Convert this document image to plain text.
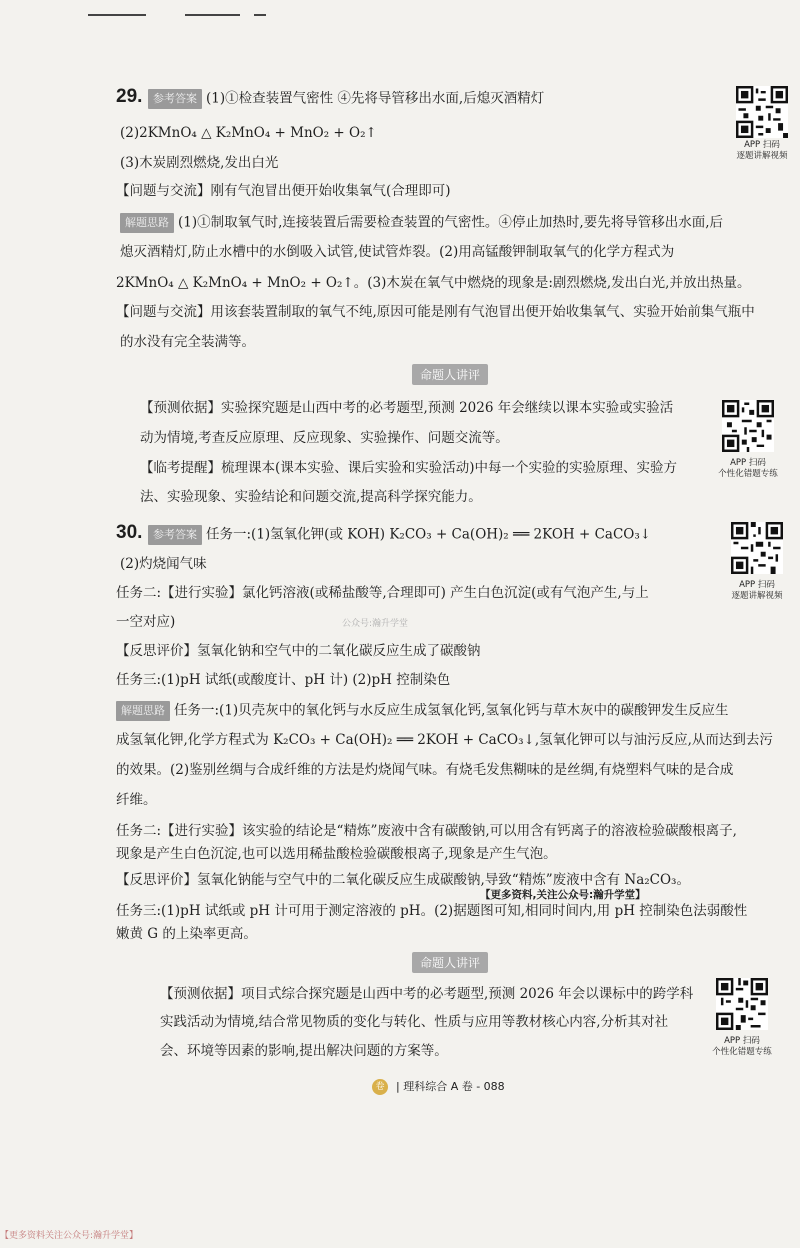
29. 参考答案 (1)①检查装置气密性 ④先将导管移出水面,后熄灭酒精灯
(2)2KMnO₄ △ K₂MnO₄ + MnO₂ + O₂↑
(3)木炭剧烈燃烧,发出白光
【问题与交流】刚有气泡冒出便开始收集氧气(合理即可)
解题思路 (1)①制取氧气时,连接装置后需要检查装置的气密性。④停止加热时,要先将导管移出水面,后
熄灭酒精灯,防止水槽中的水倒吸入试管,使试管炸裂。(2)用高锰酸钾制取氧气的化学方程式为
2KMnO₄ △ K₂MnO₄ + MnO₂ + O₂↑。(3)木炭在氧气中燃烧的现象是:剧烈燃烧,发出白光,并放出热量。
【问题与交流】用该套装置制取的氧气不纯,原因可能是刚有气泡冒出便开始收集氧气、实验开始前集气瓶中
的水没有完全装满等。
APP 扫码
逐题讲解视频
命题人讲评
【预测依据】实验探究题是山西中考的必考题型,预测 2026 年会继续以课本实验或实验活
动为情境,考查反应原理、反应现象、实验操作、问题交流等。
【临考提醒】梳理课本(课本实验、课后实验和实验活动)中每一个实验的实验原理、实验方
法、实验现象、实验结论和问题交流,提高科学探究能力。
APP 扫码
个性化错题专练
30. 参考答案 任务一:(1)氢氧化钾(或 KOH) K₂CO₃ + Ca(OH)₂ ══ 2KOH + CaCO₃↓
(2)灼烧闻气味
任务二:【进行实验】氯化钙溶液(或稀盐酸等,合理即可) 产生白色沉淀(或有气泡产生,与上
一空对应)	公众号:瀚升学堂
【反思评价】氢氧化钠和空气中的二氧化碳反应生成了碳酸钠
任务三:(1)pH 试纸(或酸度计、pH 计) (2)pH 控制染色
解题思路 任务一:(1)贝壳灰中的氧化钙与水反应生成氢氧化钙,氢氧化钙与草木灰中的碳酸钾发生反应生
成氢氧化钾,化学方程式为 K₂CO₃ + Ca(OH)₂ ══ 2KOH + CaCO₃↓,氢氧化钾可以与油污反应,从而达到去污
的效果。(2)鉴别丝绸与合成纤维的方法是灼烧闻气味。有烧毛发焦糊味的是丝绸,有烧塑料气味的是合成
纤维。
任务二:【进行实验】该实验的结论是“精炼”废液中含有碳酸钠,可以用含有钙离子的溶液检验碳酸根离子,
现象是产生白色沉淀,也可以选用稀盐酸检验碳酸根离子,现象是产生气泡。
【反思评价】氢氧化钠能与空气中的二氧化碳反应生成碳酸钠,导致“精炼”废液中含有 Na₂CO₃。
【更多资料,关注公众号:瀚升学堂】
任务三:(1)pH 试纸或 pH 计可用于测定溶液的 pH。(2)据题图可知,相同时间内,用 pH 控制染色法弱酸性
嫩黄 G 的上染率更高。
APP 扫码
逐题讲解视频
命题人讲评
【预测依据】项目式综合探究题是山西中考的必考题型,预测 2026 年会以课标中的跨学科
实践活动为情境,结合常见物质的变化与转化、性质与应用等教材核心内容,分析其对社
会、环境等因素的影响,提出解决问题的方案等。
APP 扫码
个性化错题专练
卷 | 理科综合 A 卷 - 088
【更多资料关注公众号:瀚升学堂】
